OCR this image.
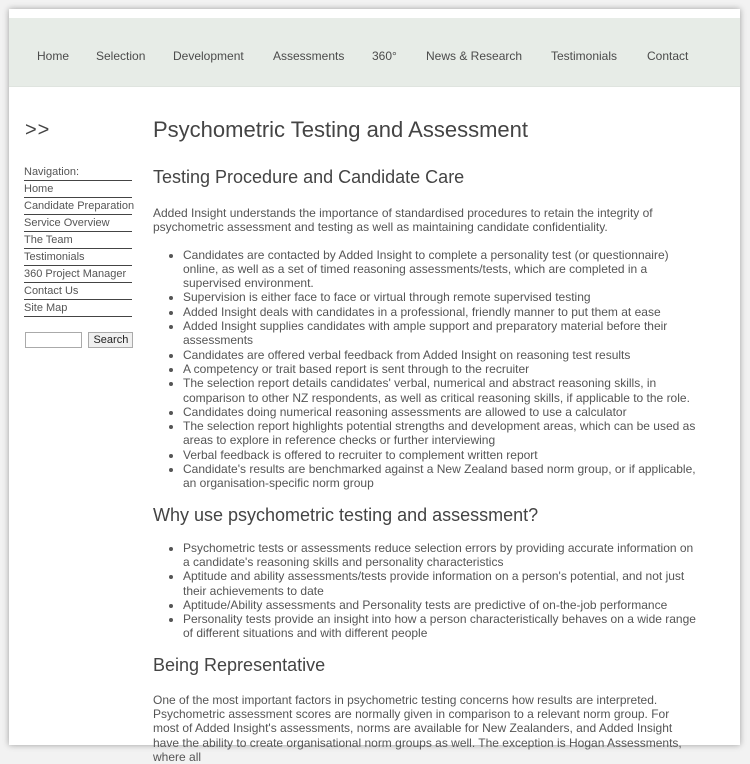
Home Selection Development Assessments 360° News & Research Testimonials Contact
>>
Navigation:
Home
Candidate Preparation
Service Overview
The Team
Testimonials
360 Project Manager
Contact Us
Site Map
Search
Psychometric Testing and Assessment
Testing Procedure and Candidate Care

Added Insight understands the importance of standardised procedures to retain the integrity of psychometric assessment and testing as well as maintaining candidate confidentiality.

• Candidates are contacted by Added Insight to complete a personality test (or questionnaire) online, as well as a set of timed reasoning assessments/tests, which are completed in a supervised environment.
• Supervision is either face to face or virtual through remote supervised testing
• Added Insight deals with candidates in a professional, friendly manner to put them at ease
• Added Insight supplies candidates with ample support and preparatory material before their assessments
• Candidates are offered verbal feedback from Added Insight on reasoning test results
• A competency or trait based report is sent through to the recruiter
• The selection report details candidates' verbal, numerical and abstract reasoning skills, in comparison to other NZ respondents, as well as critical reasoning skills, if applicable to the role.
• Candidates doing numerical reasoning assessments are allowed to use a calculator
• The selection report highlights potential strengths and development areas, which can be used as areas to explore in reference checks or further interviewing
• Verbal feedback is offered to recruiter to complement written report
• Candidate's results are benchmarked against a New Zealand based norm group, or if applicable, an organisation-specific norm group
Why use psychometric testing and assessment?
• Psychometric tests or assessments reduce selection errors by providing accurate information on a candidate's reasoning skills and personality characteristics
• Aptitude and ability assessments/tests provide information on a person's potential, and not just their achievements to date
• Aptitude/Ability assessments and Personality tests are predictive of on-the-job performance
• Personality tests provide an insight into how a person characteristically behaves on a wide range of different situations and with different people
Being Representative

One of the most important factors in psychometric testing concerns how results are interpreted. Psychometric assessment scores are normally given in comparison to a relevant norm group. For most of Added Insight's assessments, norms are available for New Zealanders, and Added Insight have the ability to create organisational norm groups as well. The exception is Hogan Assessments, where all
